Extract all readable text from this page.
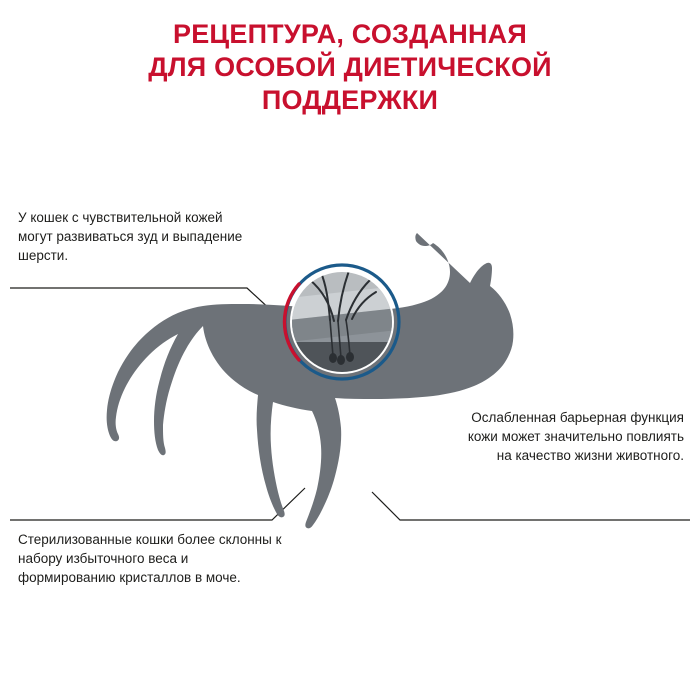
РЕЦЕПТУРА, СОЗДАННАЯ
ДЛЯ ОСОБОЙ ДИЕТИЧЕСКОЙ
ПОДДЕРЖКИ

У кошек с чувствительной кожей могут развиваться зуд и выпадение шерсти.

Ослабленная барьерная функция кожи может значительно повлиять на качество жизни животного.

Стерилизованные кошки более склонны к набору избыточного веса и формированию кристаллов в моче.
